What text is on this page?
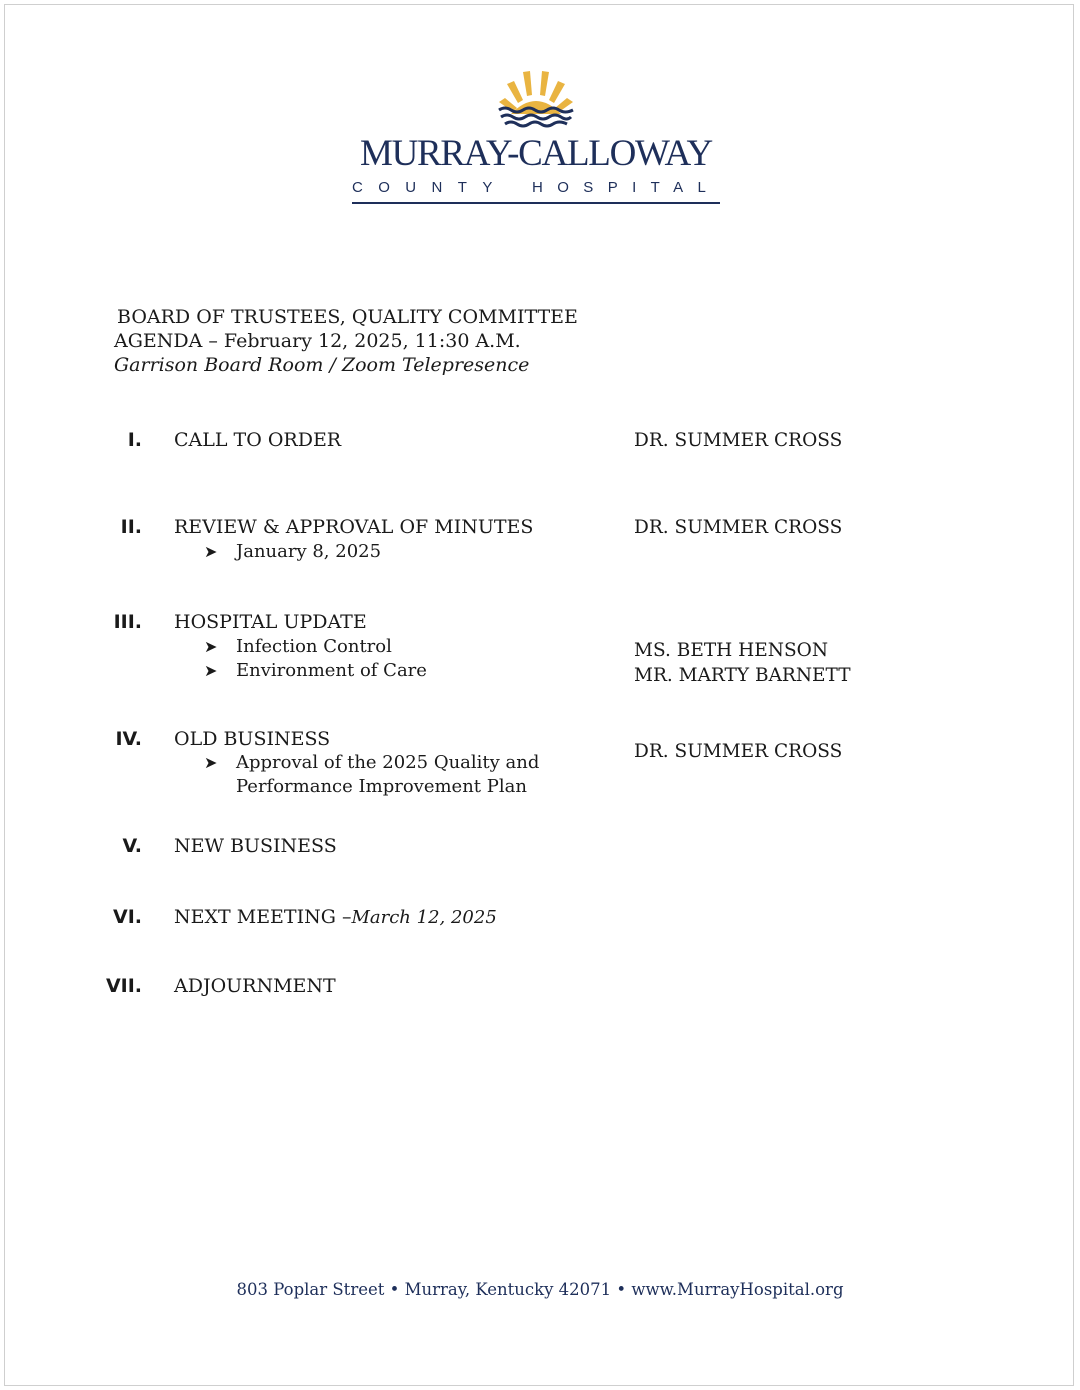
MURRAY-CALLOWAY
COUNTY HOSPITAL
BOARD OF TRUSTEES, QUALITY COMMITTEE
AGENDA – February 12, 2025, 11:30 A.M.
Garrison Board Room / Zoom Telepresence
I. CALL TO ORDER	DR. SUMMER CROSS
II. REVIEW & APPROVAL OF MINUTES	DR. SUMMER CROSS
➤ January 8, 2025
III. HOSPITAL UPDATE
➤ Infection Control
➤ Environment of Care
MS. BETH HENSON
MR. MARTY BARNETT
IV. OLD BUSINESS
DR. SUMMER CROSS
➤ Approval of the 2025 Quality and
Performance Improvement Plan
V. NEW BUSINESS
VI. NEXT MEETING –March 12, 2025
VII. ADJOURNMENT
803 Poplar Street • Murray, Kentucky 42071 • www.MurrayHospital.org
